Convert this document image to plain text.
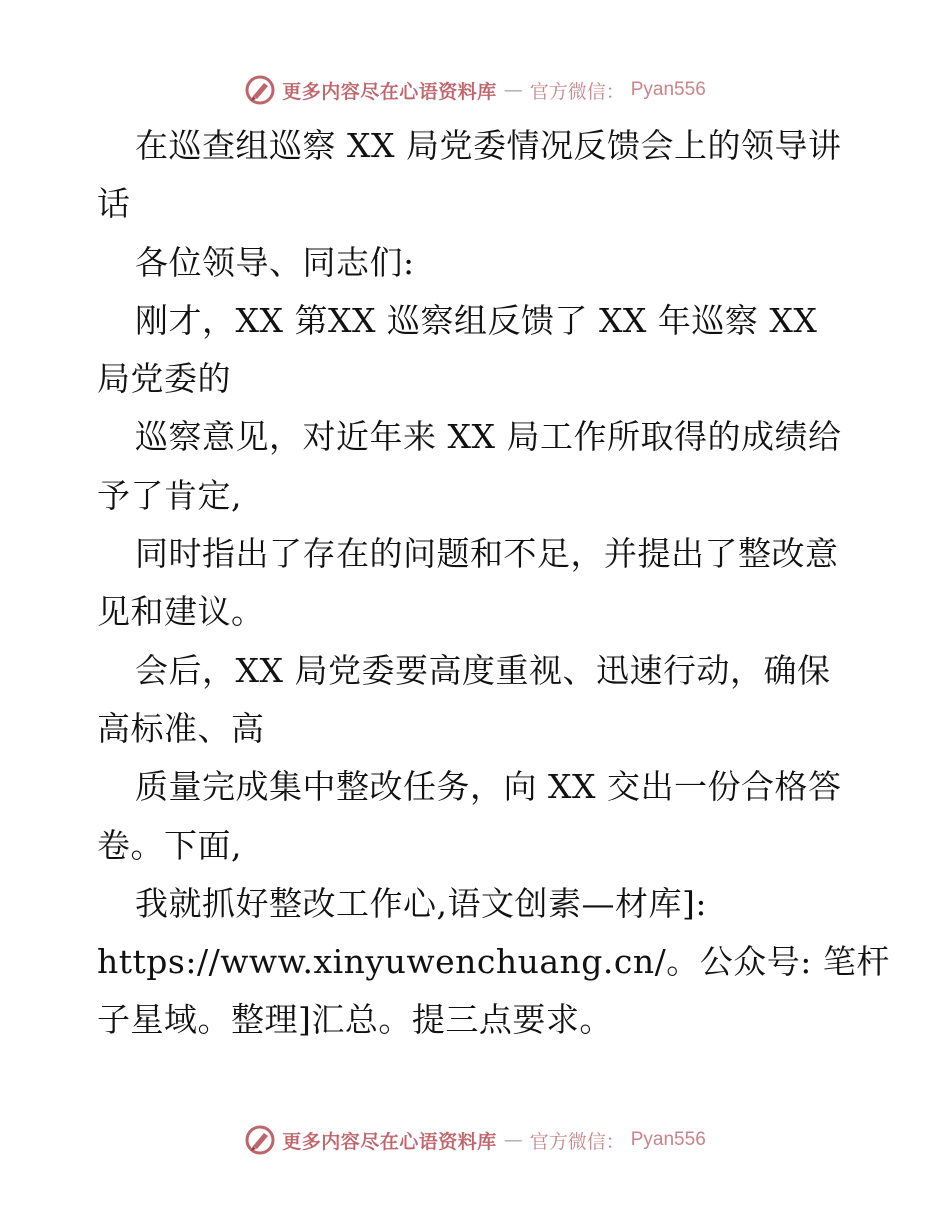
更多内容尽在心语资料库 — 官方微信： Pyan556
在巡查组巡察 XX 局党委情况反馈会上的领导讲
话
各位领导、同志们:
刚才，XX 第XX 巡察组反馈了 XX 年巡察 XX
局党委的
巡察意见，对近年来 XX 局工作所取得的成绩给
予了肯定,
同时指出了存在的问题和不足，并提出了整改意
见和建议。
会后，XX 局党委要高度重视、迅速行动，确保
高标准、高
质量完成集中整改任务，向 XX 交出一份合格答
卷。下面,
我就抓好整改工作心,语文创素—材库]:
https://www.xinyuwenchuang.cn/。公众号: 笔杆
子星域。整理]汇总。提三点要求。
更多内容尽在心语资料库 — 官方微信： Pyan556
